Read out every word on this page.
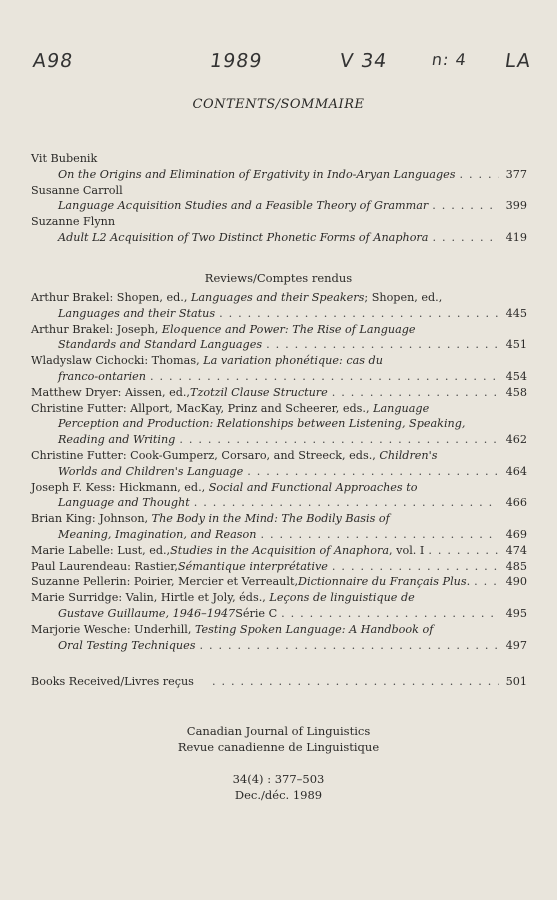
A98	1989	V 34	n: 4 LA
CONTENTS/SOMMAIRE
Vit Bubenik
On the Origins and Elimination of Ergativity in Indo-Aryan Languages . . .	377
Susanne Carroll
Language Acquisition Studies and a Feasible Theory of Grammar . . .	399
Suzanne Flynn
Adult L2 Acquisition of Two Distinct Phonetic Forms of Anaphora . . .	419
Reviews/Comptes rendus
Arthur Brakel: Shopen, ed., Languages and their Speakers; Shopen, ed.,
Languages and their Status . . .	445
Arthur Brakel: Joseph, Eloquence and Power: The Rise of Language
Standards and Standard Languages . . .	451
Wladyslaw Cichocki: Thomas, La variation phonétique: cas du
franco-ontarien . . .	454
Matthew Dryer: Aissen, ed., Tzotzil Clause Structure . . .	458
Christine Futter: Allport, MacKay, Prinz and Scheerer, eds., Language
Perception and Production: Relationships between Listening, Speaking,
Reading and Writing . . .	462
Christine Futter: Cook-Gumperz, Corsaro, and Streeck, eds., Children's
Worlds and Children's Language . . .	464
Joseph F. Kess: Hickmann, ed., Social and Functional Approaches to
Language and Thought . . .	466
Brian King: Johnson, The Body in the Mind: The Bodily Basis of
Meaning, Imagination, and Reason . . .	469
Marie Labelle: Lust, ed., Studies in the Acquisition of Anaphora , vol. I . . .	474
Paul Laurendeau: Rastier, Sémantique interprétative . . .	485
Suzanne Pellerin: Poirier, Mercier et Verreault, Dictionnaire du Français Plus . . . .	490
Marie Surridge: Valin, Hirtle et Joly, éds., Leçons de linguistique de
Gustave Guillaume, 1946–1947 Série C . . .	495
Marjorie Wesche: Underhill, Testing Spoken Language: A Handbook of
Oral Testing Techniques . . .	497
Books Received/Livres reçus . . .	501
Canadian Journal of Linguistics
Revue canadienne de Linguistique
34(4) : 377–503
Dec./déc. 1989
